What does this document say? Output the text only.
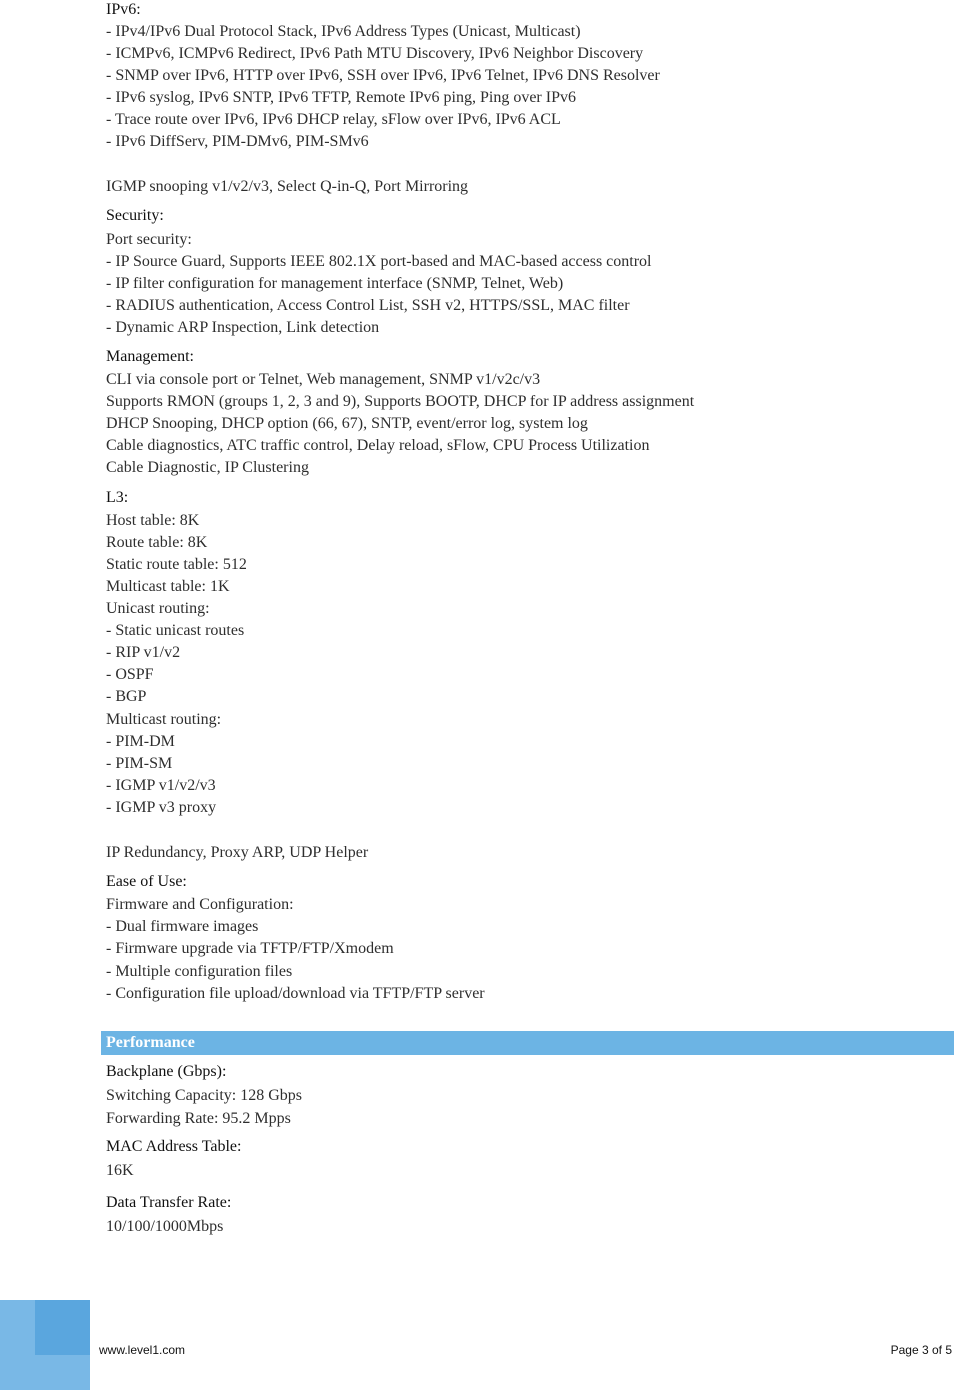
IPv6:
- IPv4/IPv6 Dual Protocol Stack, IPv6 Address Types (Unicast, Multicast)
- ICMPv6, ICMPv6 Redirect, IPv6 Path MTU Discovery, IPv6 Neighbor Discovery
- SNMP over IPv6, HTTP over IPv6, SSH over IPv6, IPv6 Telnet, IPv6 DNS Resolver
- IPv6 syslog, IPv6 SNTP, IPv6 TFTP, Remote IPv6 ping, Ping over IPv6
- Trace route over IPv6, IPv6 DHCP relay, sFlow over IPv6, IPv6 ACL
- IPv6 DiffServ, PIM-DMv6, PIM-SMv6
IGMP snooping v1/v2/v3, Select Q-in-Q, Port Mirroring
Security:
Port security:
- IP Source Guard, Supports IEEE 802.1X port-based and MAC-based access control
- IP filter configuration for management interface (SNMP, Telnet, Web)
- RADIUS authentication, Access Control List, SSH v2, HTTPS/SSL, MAC filter
- Dynamic ARP Inspection, Link detection
Management:
CLI via console port or Telnet, Web management, SNMP v1/v2c/v3
Supports RMON (groups 1, 2, 3 and 9), Supports BOOTP, DHCP for IP address assignment
DHCP Snooping, DHCP option (66, 67), SNTP, event/error log, system log
Cable diagnostics, ATC traffic control, Delay reload, sFlow, CPU Process Utilization
Cable Diagnostic, IP Clustering
L3:
Host table: 8K
Route table: 8K
Static route table: 512
Multicast table: 1K
Unicast routing:
- Static unicast routes
- RIP v1/v2
- OSPF
- BGP
Multicast routing:
- PIM-DM
- PIM-SM
- IGMP v1/v2/v3
- IGMP v3 proxy
IP Redundancy, Proxy ARP, UDP Helper
Ease of Use:
Firmware and Configuration:
- Dual firmware images
- Firmware upgrade via TFTP/FTP/Xmodem
- Multiple configuration files
- Configuration file upload/download via TFTP/FTP server
Performance
Backplane (Gbps):
Switching Capacity: 128 Gbps
Forwarding Rate: 95.2 Mpps
MAC Address Table:
16K
Data Transfer Rate:
10/100/1000Mbps
www.level1.com	Page 3 of 5
